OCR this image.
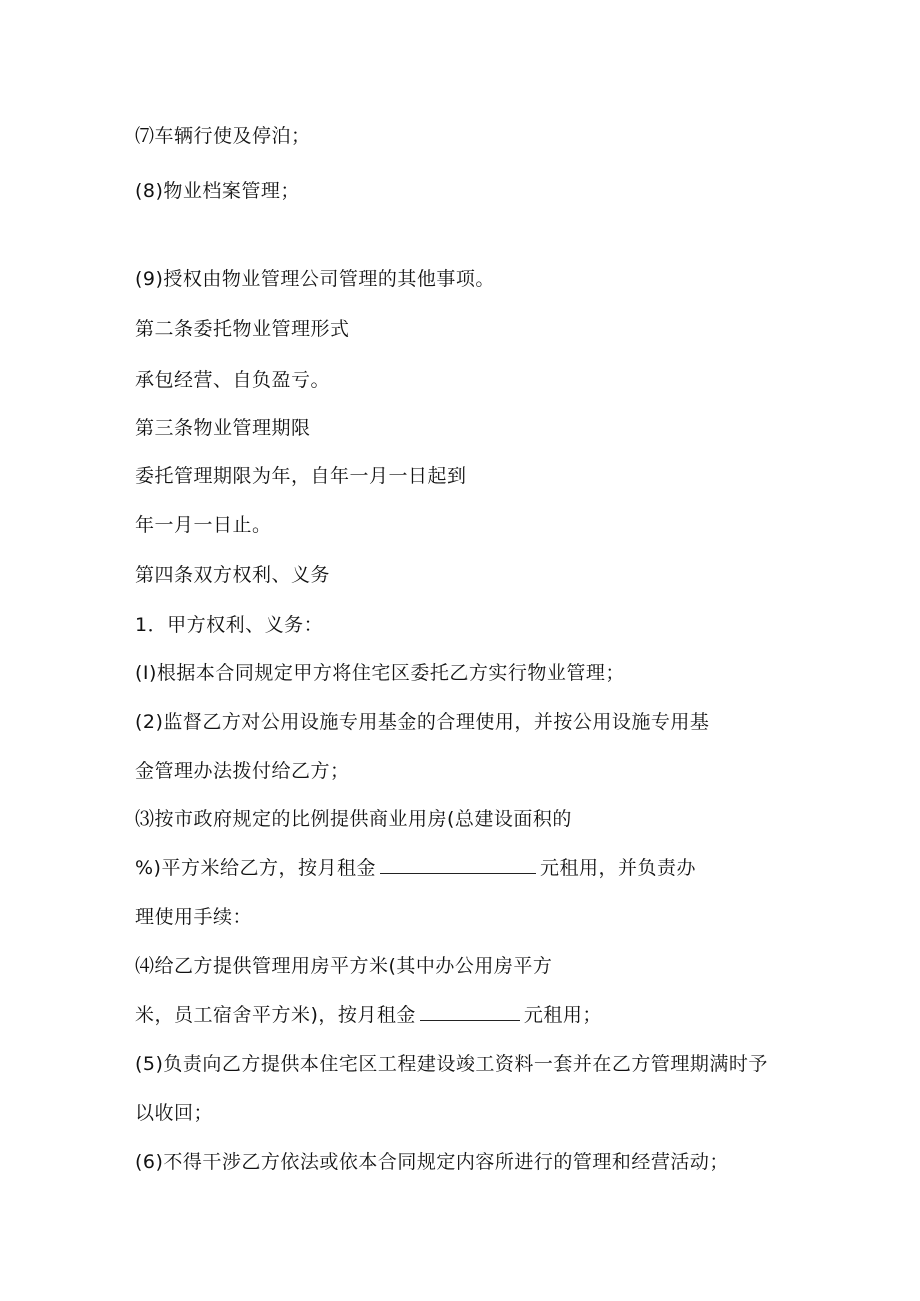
⑺车辆行使及停泊；
(8)物业档案管理；
(9)授权由物业管理公司管理的其他事项。
第二条委托物业管理形式
承包经营、自负盈亏。
第三条物业管理期限
委托管理期限为年，自年一月一日起到
年一月一日止。
第四条双方权利、义务
1．甲方权利、义务：
(I)根据本合同规定甲方将住宅区委托乙方实行物业管理；
(2)监督乙方对公用设施专用基金的合理使用，并按公用设施专用基
金管理办法拨付给乙方；
⑶按市政府规定的比例提供商业用房(总建设面积的
%)平方米给乙方，按月租金	元租用，并负责办
理使用手续：
⑷给乙方提供管理用房平方米(其中办公用房平方
米，员工宿舍平方米)，按月租金	元租用；
(5)负责向乙方提供本住宅区工程建设竣工资料一套并在乙方管理期满时予
以收回；
(6)不得干涉乙方依法或依本合同规定内容所进行的管理和经营活动；
